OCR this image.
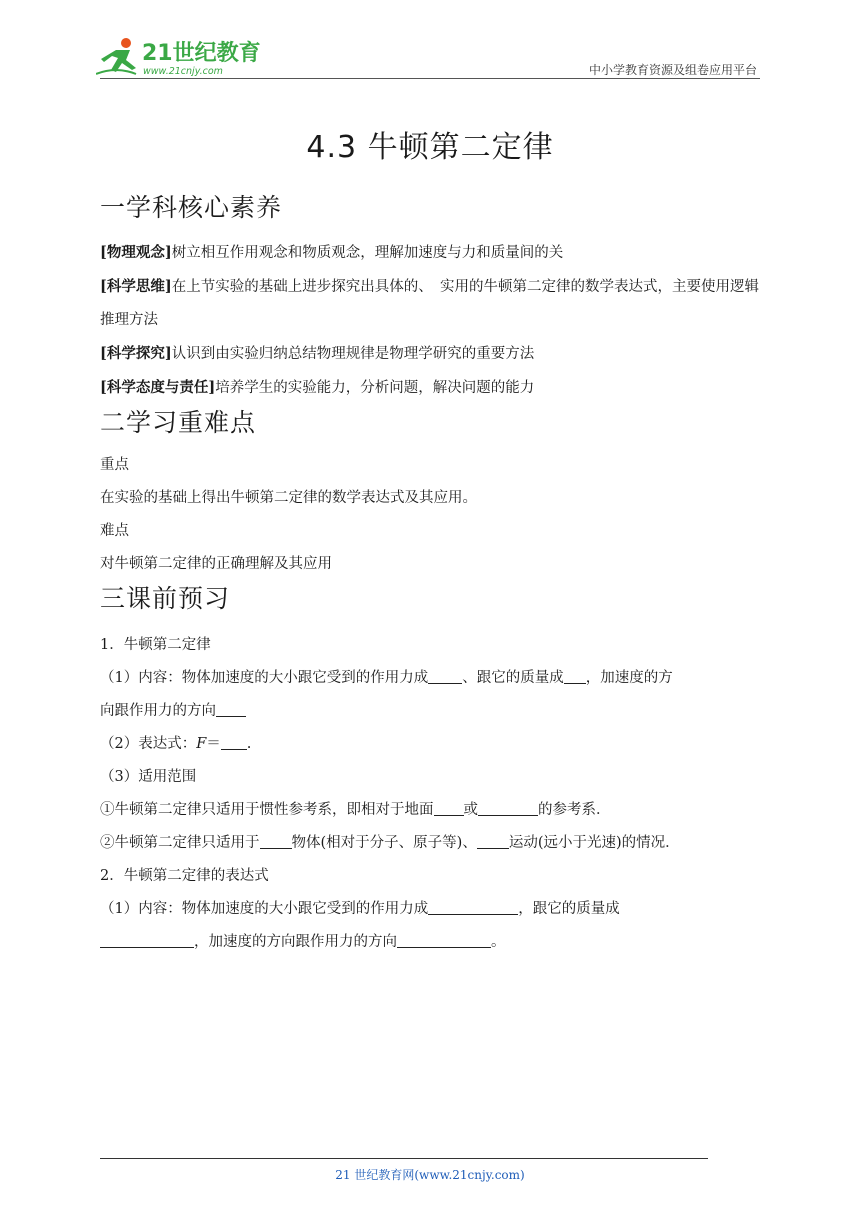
21世纪教育
www.21cnjy.com	中小学教育资源及组卷应用平台
4.3 牛顿第二定律
一学科核心素养

[物理观念]树立相互作用观念和物质观念，理解加速度与力和质量间的关

[科学思维]在上节实验的基础上进步探究出具体的、　实用的牛顿第二定律的数学表达式，主要使用逻辑推理方法

[科学探究]认识到由实验归纳总结物理规律是物理学研究的重要方法

[科学态度与责任]培养学生的实验能力，分析问题，解决问题的能力

二学习重难点

重点

在实验的基础上得出牛顿第二定律的数学表达式及其应用。

难点

对牛顿第二定律的正确理解及其应用

三课前预习

1．牛顿第二定律

（1）内容：物体加速度的大小跟它受到的作用力成 、跟它的质量成 ，加速度的方

向跟作用力的方向

（2）表达式：F＝ .

（3）适用范围

①牛顿第二定律只适用于惯性参考系，即相对于地面 或	的参考系．

②牛顿第二定律只适用于 物体(相对于分子、原子等)、 运动(远小于光速)的情况．

2．牛顿第二定律的表达式

（1）内容：物体加速度的大小跟它受到的作用力成	，跟它的质量成

，加速度的方向跟作用力的方向	。

21 世纪教育网(www.21cnjy.com)
